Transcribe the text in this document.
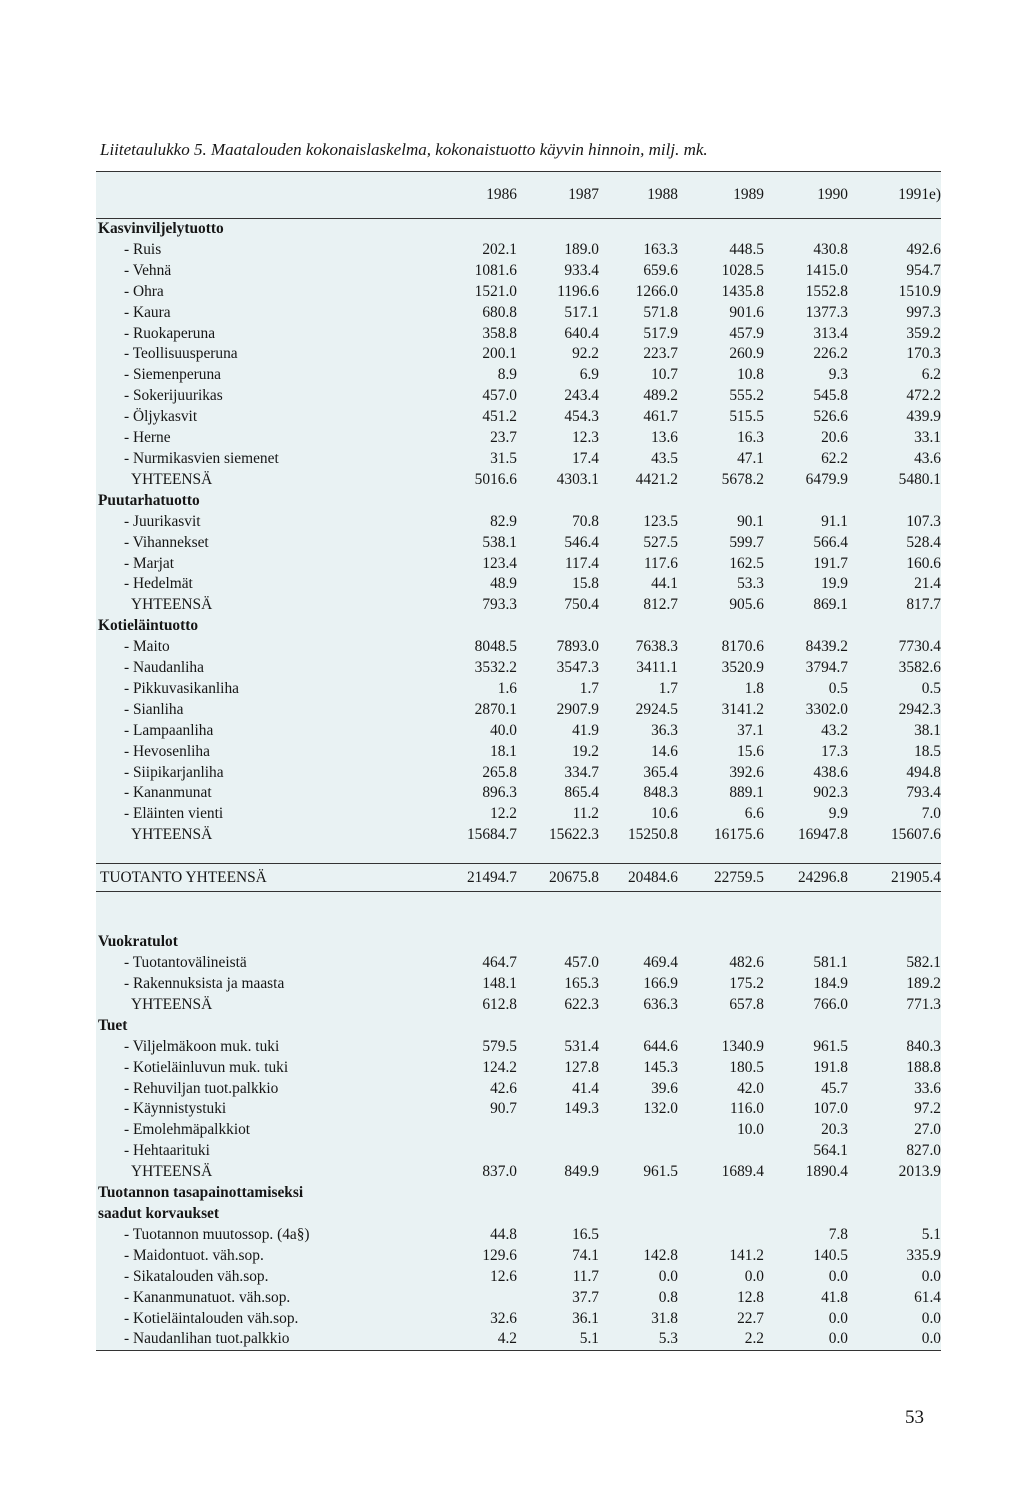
Liitetaulukko 5. Maatalouden kokonaislaskelma, kokonaistuotto käyvin hinnoin, milj. mk.
	1986	1987	1988	1989	1990	1991e)
Kasvinviljelytuotto						
- Ruis	202.1	189.0	163.3	448.5	430.8	492.6
- Vehnä	1081.6	933.4	659.6	1028.5	1415.0	954.7
- Ohra	1521.0	1196.6	1266.0	1435.8	1552.8	1510.9
- Kaura	680.8	517.1	571.8	901.6	1377.3	997.3
- Ruokaperuna	358.8	640.4	517.9	457.9	313.4	359.2
- Teollisuusperuna	200.1	92.2	223.7	260.9	226.2	170.3
- Siemenperuna	8.9	6.9	10.7	10.8	9.3	6.2
- Sokerijuurikas	457.0	243.4	489.2	555.2	545.8	472.2
- Öljykasvit	451.2	454.3	461.7	515.5	526.6	439.9
- Herne	23.7	12.3	13.6	16.3	20.6	33.1
- Nurmikasvien siemenet	31.5	17.4	43.5	47.1	62.2	43.6
YHTEENSÄ	5016.6	4303.1	4421.2	5678.2	6479.9	5480.1
Puutarhatuotto						
- Juurikasvit	82.9	70.8	123.5	90.1	91.1	107.3
- Vihannekset	538.1	546.4	527.5	599.7	566.4	528.4
- Marjat	123.4	117.4	117.6	162.5	191.7	160.6
- Hedelmät	48.9	15.8	44.1	53.3	19.9	21.4
YHTEENSÄ	793.3	750.4	812.7	905.6	869.1	817.7
Kotieläintuotto						
- Maito	8048.5	7893.0	7638.3	8170.6	8439.2	7730.4
- Naudanliha	3532.2	3547.3	3411.1	3520.9	3794.7	3582.6
- Pikkuvasikanliha	1.6	1.7	1.7	1.8	0.5	0.5
- Sianliha	2870.1	2907.9	2924.5	3141.2	3302.0	2942.3
- Lampaanliha	40.0	41.9	36.3	37.1	43.2	38.1
- Hevosenliha	18.1	19.2	14.6	15.6	17.3	18.5
- Siipikarjanliha	265.8	334.7	365.4	392.6	438.6	494.8
- Kananmunat	896.3	865.4	848.3	889.1	902.3	793.4
- Eläinten vienti	12.2	11.2	10.6	6.6	9.9	7.0
YHTEENSÄ	15684.7	15622.3	15250.8	16175.6	16947.8	15607.6

TUOTANTO YHTEENSÄ	21494.7	20675.8	20484.6	22759.5	24296.8	21905.4

Vuokratulot						
- Tuotantovälineistä	464.7	457.0	469.4	482.6	581.1	582.1
- Rakennuksista ja maasta	148.1	165.3	166.9	175.2	184.9	189.2
YHTEENSÄ	612.8	622.3	636.3	657.8	766.0	771.3
Tuet						
- Viljelmäkoon muk. tuki	579.5	531.4	644.6	1340.9	961.5	840.3
- Kotieläinluvun muk. tuki	124.2	127.8	145.3	180.5	191.8	188.8
- Rehuviljan tuot.palkkio	42.6	41.4	39.6	42.0	45.7	33.6
- Käynnistystuki	90.7	149.3	132.0	116.0	107.0	97.2
- Emolehmäpalkkiot				10.0	20.3	27.0
- Hehtaarituki					564.1	827.0
YHTEENSÄ	837.0	849.9	961.5	1689.4	1890.4	2013.9
Tuotannon tasapainottamiseksi						
saadut korvaukset						
- Tuotannon muutossop. (4a§)	44.8	16.5			7.8	5.1
- Maidontuot. väh.sop.	129.6	74.1	142.8	141.2	140.5	335.9
- Sikatalouden väh.sop.	12.6	11.7	0.0	0.0	0.0	0.0
- Kananmunatuot. väh.sop.		37.7	0.8	12.8	41.8	61.4
- Kotieläintalouden väh.sop.	32.6	36.1	31.8	22.7	0.0	0.0
- Naudanlihan tuot.palkkio	4.2	5.1	5.3	2.2	0.0	0.0
53
